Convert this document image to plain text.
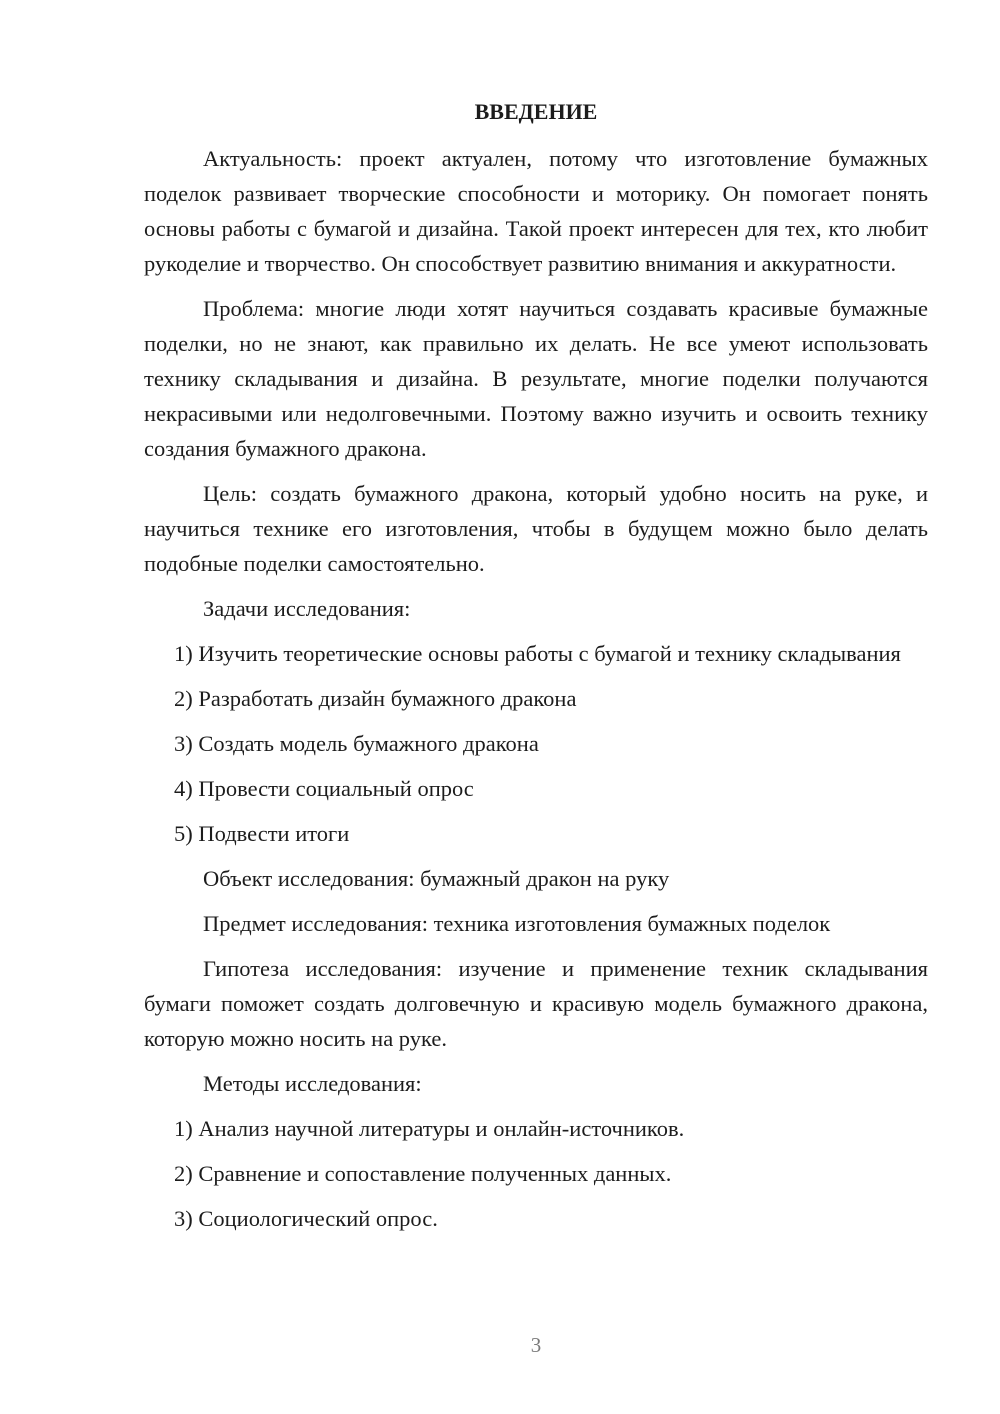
ВВЕДЕНИЕ

Актуальность: проект актуален, потому что изготовление бумажных поделок развивает творческие способности и моторику. Он помогает понять основы работы с бумагой и дизайна. Такой проект интересен для тех, кто любит рукоделие и творчество. Он способствует развитию внимания и аккуратности.

Проблема: многие люди хотят научиться создавать красивые бумажные поделки, но не знают, как правильно их делать. Не все умеют использовать технику складывания и дизайна. В результате, многие поделки получаются некрасивыми или недолговечными. Поэтому важно изучить и освоить технику создания бумажного дракона.

Цель: создать бумажного дракона, который удобно носить на руке, и научиться технике его изготовления, чтобы в будущем можно было делать подобные поделки самостоятельно.

Задачи исследования:

1) Изучить теоретические основы работы с бумагой и технику складывания

2) Разработать дизайн бумажного дракона

3) Создать модель бумажного дракона

4) Провести социальный опрос

5) Подвести итоги

Объект исследования: бумажный дракон на руку

Предмет исследования: техника изготовления бумажных поделок

Гипотеза исследования: изучение и применение техник складывания бумаги поможет создать долговечную и красивую модель бумажного дракона, которую можно носить на руке.

Методы исследования:

1) Анализ научной литературы и онлайн-источников.

2) Сравнение и сопоставление полученных данных.

3) Социологический опрос.

3
